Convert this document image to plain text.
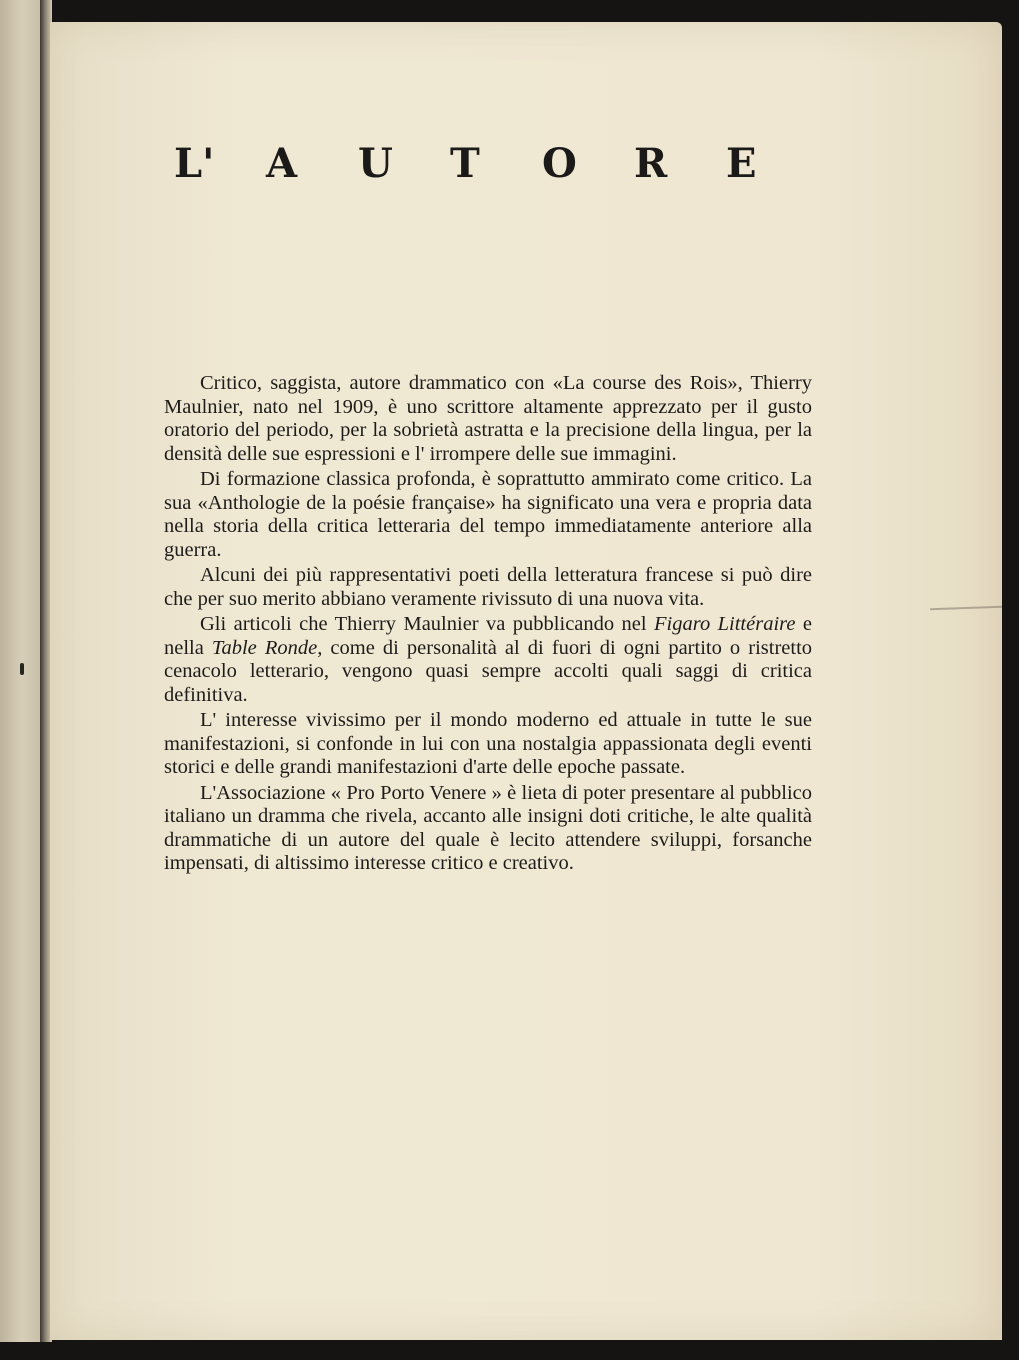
L'	A	U	T	O	R	E

Critico, saggista, autore drammatico con «La course des Rois», Thierry Maulnier, nato nel 1909, è uno scrittore altamente apprezzato per il gusto oratorio del periodo, per la sobrietà astratta e la precisione della lingua, per la densità delle sue espressioni e l' irrompere delle sue immagini.

Di formazione classica profonda, è soprattutto ammirato come critico. La sua «Anthologie de la poésie française» ha significato una vera e propria data nella storia della critica letteraria del tempo immediatamente anteriore alla guerra.

Alcuni dei più rappresentativi poeti della letteratura francese si può dire che per suo merito abbiano veramente rivissuto di una nuova vita.

Gli articoli che Thierry Maulnier va pubblicando nel Figaro Littéraire e nella Table Ronde, come di personalità al di fuori di ogni partito o ristretto cenacolo letterario, vengono quasi sempre accolti quali saggi di critica definitiva.

L' interesse vivissimo per il mondo moderno ed attuale in tutte le sue manifestazioni, si confonde in lui con una nostalgia appassionata degli eventi storici e delle grandi manifestazioni d'arte delle epoche passate.

L'Associazione « Pro Porto Venere » è lieta di poter presentare al pubblico italiano un dramma che rivela, accanto alle insigni doti critiche, le alte qualità drammatiche di un autore del quale è lecito attendere sviluppi, forsanche impensati, di altissimo interesse critico e creativo.
